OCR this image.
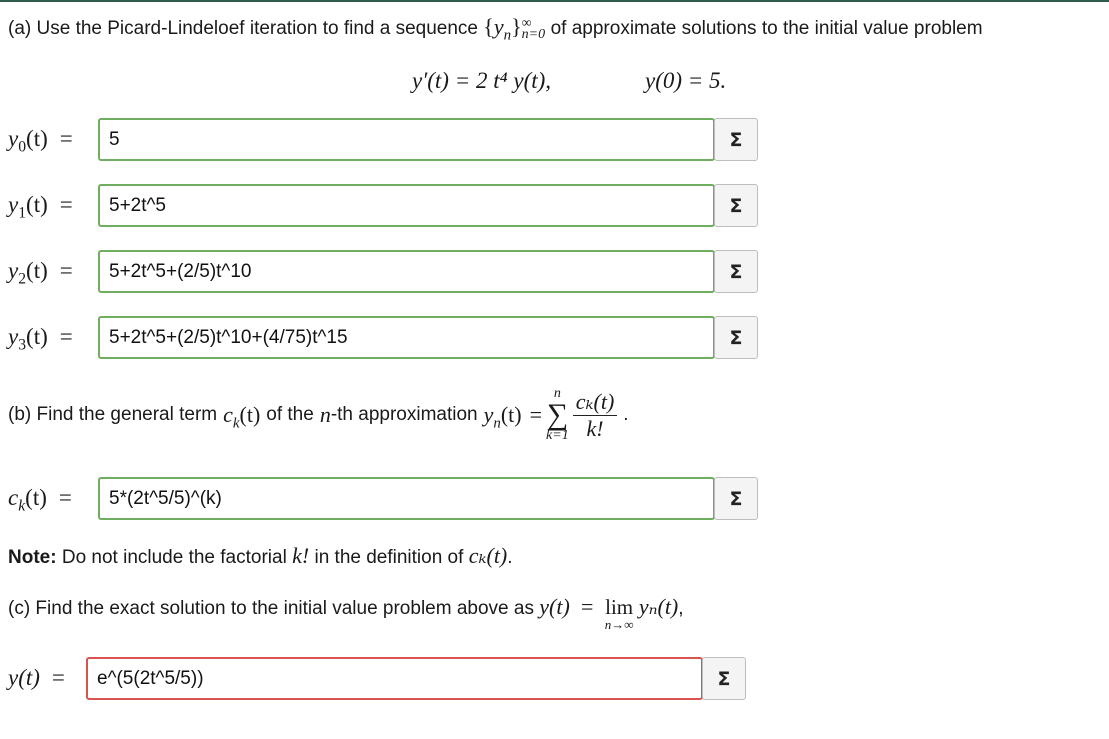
(a) Use the Picard-Lindeloef iteration to find a sequence $\{y_n\}$ ∞
n=0 of approximate solutions to the initial value problem
y′(t) = 2 t⁴ y(t),	y(0) = 5.
$y_0(t)$ =
5	Σ
$y_1(t)$ =
5+2t^5	Σ
$y_2(t)$ =
5+2t^5+(2/5)t^10	Σ
$y_3(t)$ =
5+2t^5+(2/5)t^10+(4/75)t^15	Σ
(b) Find the general term $c_k(t)$ of the n -th approximation $y_n(t)$ =
n
∑
$k=1 \frac{\text{cₖ(t)}}{k!}$ .
$c_k(t)$ =
5*(2t^5/5)^(k)	Σ
Note: Do not include the factorial k! in the definition of cₖ(t).
(c) Find the exact solution to the initial value problem above as y(t) = lim
n→∞
yₙ(t),
y(t) =
e^(5(2t^5/5))	Σ
